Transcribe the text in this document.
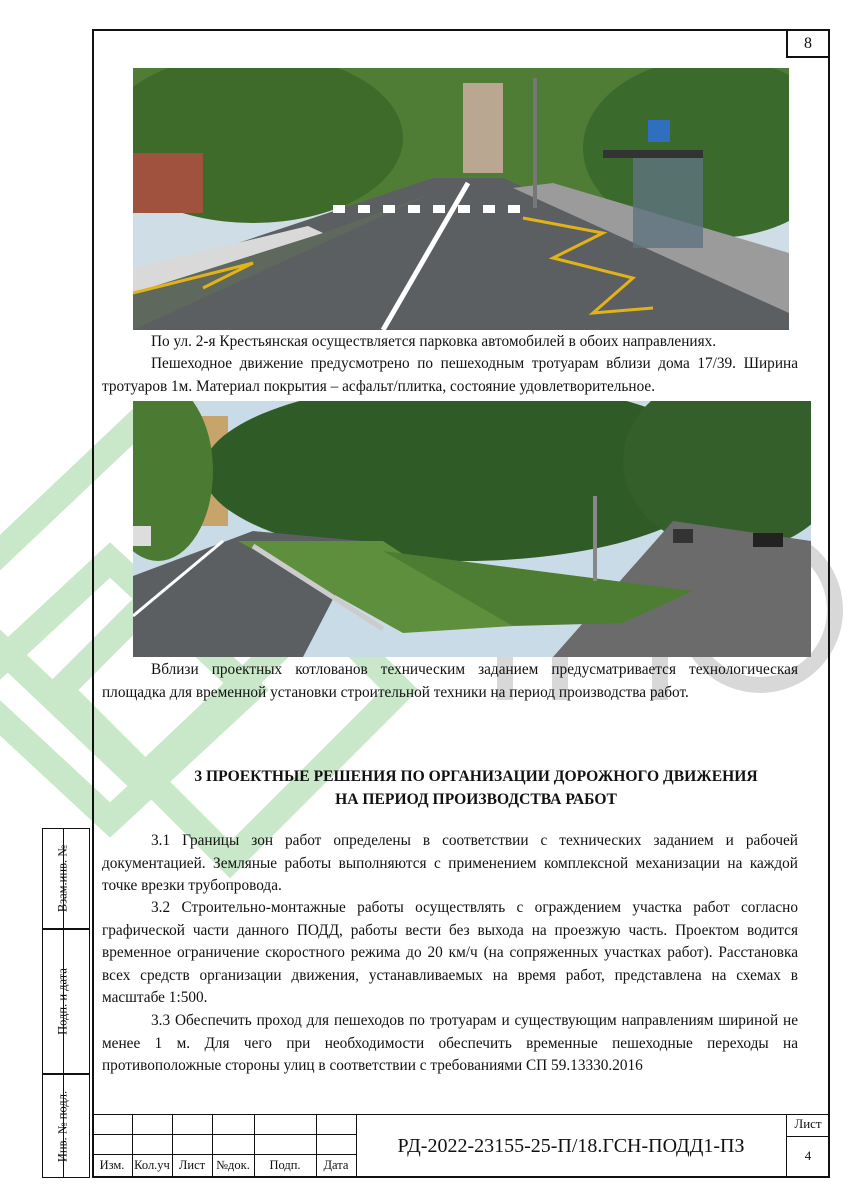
8

По ул. 2-я Крестьянская осуществляется парковка автомобилей в обоих направлениях.

Пешеходное движение предусмотрено по пешеходным тротуарам вблизи дома 17/39. Ширина тротуаров 1м. Материал покрытия – асфальт/плитка, состояние удовлетворительное.

Вблизи проектных котлованов техническим заданием предусматривается технологическая площадка для временной установки строительной техники на период производства работ.

3 ПРОЕКТНЫЕ РЕШЕНИЯ ПО ОРГАНИЗАЦИИ ДОРОЖНОГО ДВИЖЕНИЯ

НА ПЕРИОД ПРОИЗВОДСТВА РАБОТ

3.1 Границы зон работ определены в соответствии с технических заданием и рабочей документацией. Земляные работы выполняются с применением комплексной механизации на каждой точке врезки трубопровода.

3.2 Строительно-монтажные работы осуществлять с ограждением участка работ согласно графической части данного ПОДД, работы вести без выхода на проезжую часть. Проектом водится временное ограничение скоростного режима до 20 км/ч (на сопряженных участках работ). Расстановка всех средств организации движения, устанавливаемых на время работ, представлена на схемах в масштабе 1:500.

3.3 Обеспечить проход для пешеходов по тротуарам и существующим направлениям шириной не менее 1 м. Для чего при необходимости обеспечить временные пешеходные переходы на противоположные стороны улиц в соответствии с требованиями СП 59.13330.2016

Взам.инв. №
Подп. и дата
Инв. № подл.
Изм. Кол.уч Лист №док.	Подп.	Дата
РД-2022-23155-25-П/18.ГСН-ПОДД1-ПЗ
Лист
4
